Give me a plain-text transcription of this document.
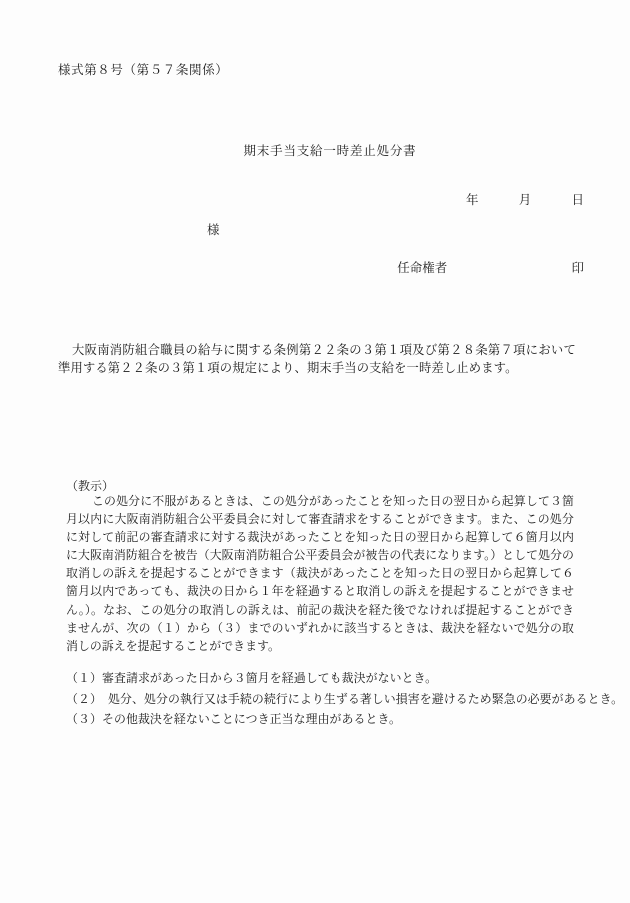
様式第８号（第５７条関係）
期末手当支給一時差止処分書
年	月	日
様
任命権者	印
大阪南消防組合職員の給与に関する条例第２２条の３第１項及び第２８条第７項において準用する第２２条の３第１項の規定により、期末手当の支給を一時差し止めます。
（教示）
この処分に不服があるときは、この処分があったことを知った日の翌日から起算して３箇月以内に大阪南消防組合公平委員会に対して審査請求をすることができます。また、この処分に対して前記の審査請求に対する裁決があったことを知った日の翌日から起算して６箇月以内に大阪南消防組合を被告（大阪南消防組合公平委員会が被告の代表になります。）として処分の取消しの訴えを提起することができます（裁決があったことを知った日の翌日から起算して６箇月以内であっても、裁決の日から１年を経過すると取消しの訴えを提起することができません。）。なお、この処分の取消しの訴えは、前記の裁決を経た後でなければ提起することができませんが、次の（１）から（３）までのいずれかに該当するときは、裁決を経ないで処分の取消しの訴えを提起することができます。
（１）審査請求があった日から３箇月を経過しても裁決がないとき。
（２）　処分、処分の執行又は手続の続行により生ずる著しい損害を避けるため緊急の必要があるとき。
（３）その他裁決を経ないことにつき正当な理由があるとき。
